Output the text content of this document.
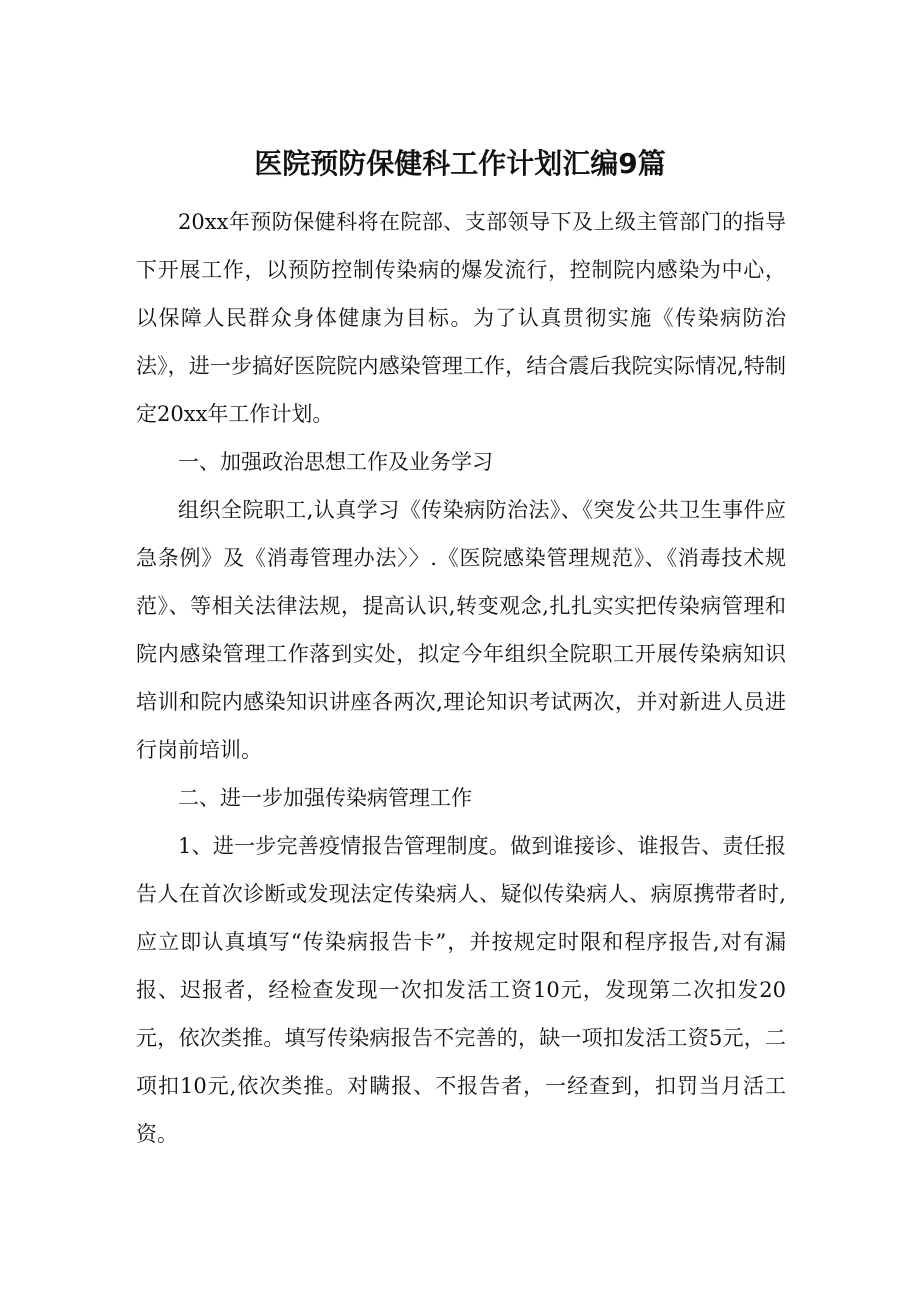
医院预防保健科工作计划汇编9篇

20xx年预防保健科将在院部、支部领导下及上级主管部门的指导下开展工作，以预防控制传染病的爆发流行，控制院内感染为中心，以保障人民群众身体健康为目标。为了认真贯彻实施《传染病防治法》，进一步搞好医院院内感染管理工作，结合震后我院实际情况,特制定20xx年工作计划。

一、加强政治思想工作及业务学习

组织全院职工,认真学习《传染病防治法》、《突发公共卫生事件应急条例》及《消毒管理办法〉〉.《医院感染管理规范》、《消毒技术规范》、等相关法律法规，提高认识,转变观念,扎扎实实把传染病管理和院内感染管理工作落到实处，拟定今年组织全院职工开展传染病知识培训和院内感染知识讲座各两次,理论知识考试两次，并对新进人员进行岗前培训。

二、进一步加强传染病管理工作

1、进一步完善疫情报告管理制度。做到谁接诊、谁报告、责任报告人在首次诊断或发现法定传染病人、疑似传染病人、病原携带者时,应立即认真填写“传染病报告卡”，并按规定时限和程序报告,对有漏报、迟报者，经检查发现一次扣发活工资10元，发现第二次扣发20元，依次类推。填写传染病报告不完善的，缺一项扣发活工资5元，二项扣10元,依次类推。对瞒报、不报告者，一经查到，扣罚当月活工资。
